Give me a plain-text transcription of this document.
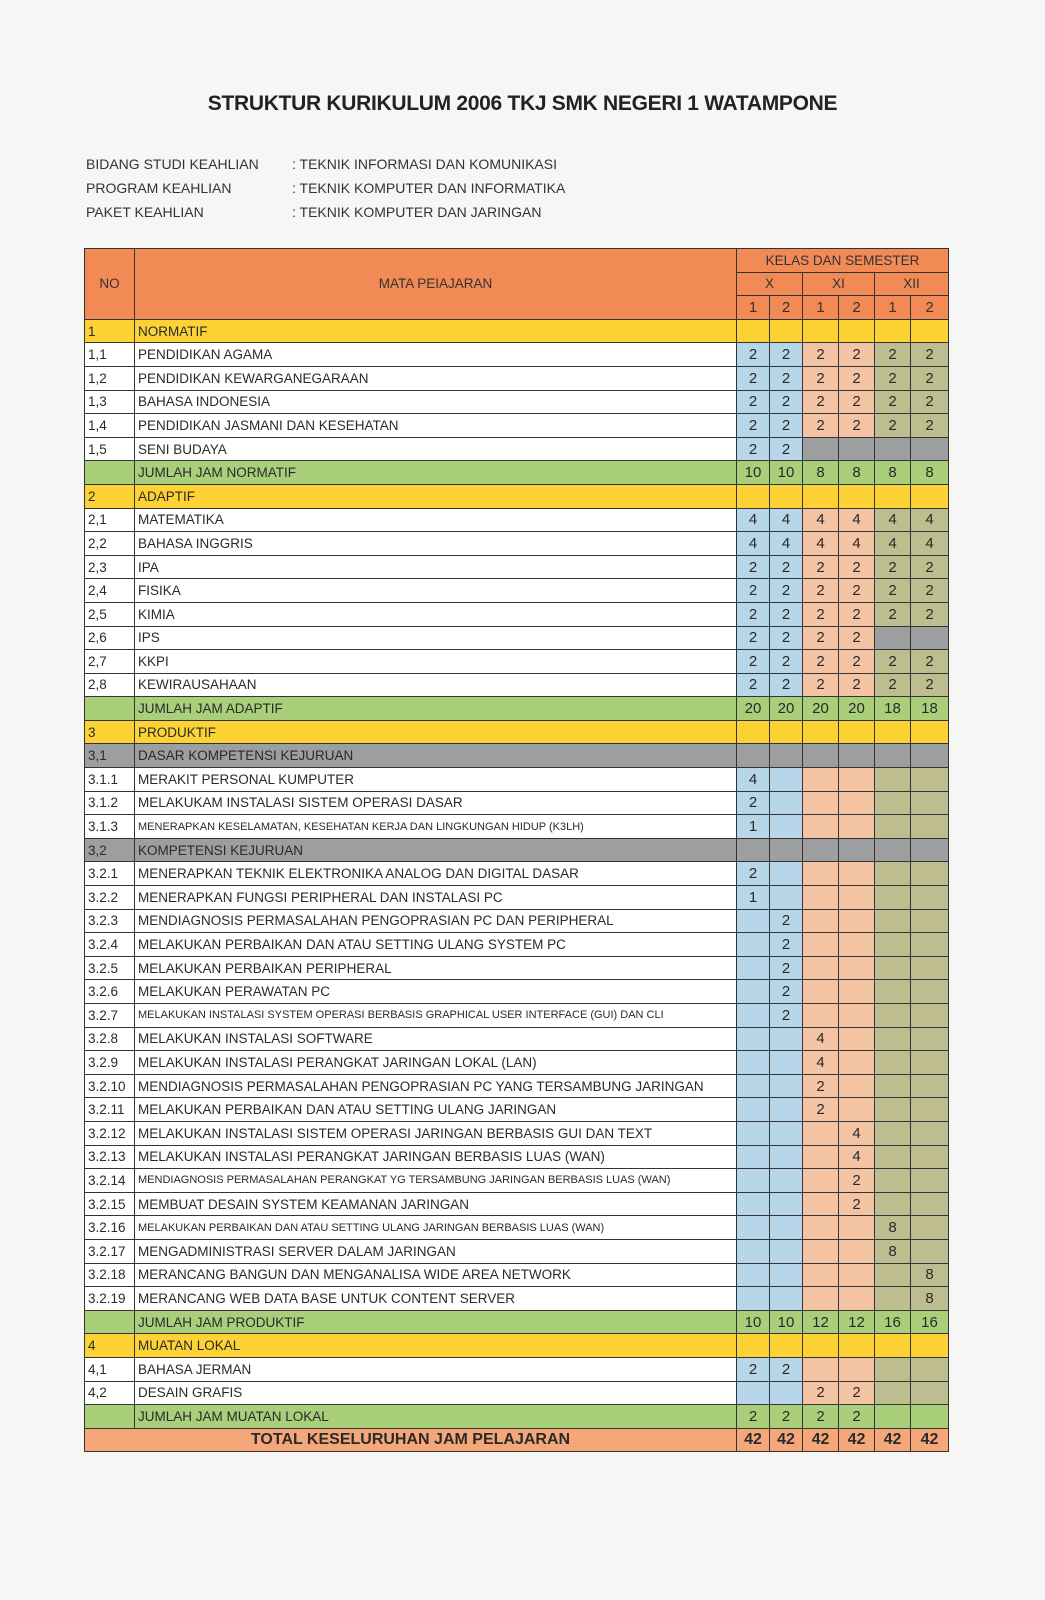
STRUKTUR KURIKULUM 2006 TKJ SMK NEGERI 1 WATAMPONE
BIDANG STUDI KEAHLIAN	: TEKNIK INFORMASI DAN KOMUNIKASI
PROGRAM KEAHLIAN	: TEKNIK KOMPUTER DAN INFORMATIKA
PAKET KEAHLIAN	: TEKNIK KOMPUTER DAN JARINGAN
NO	MATA PEIAJARAN	KELAS DAN SEMESTER					
		X		XI		XII	
		1	2	1	2	1	2
1	NORMATIF						
1,1	PENDIDIKAN AGAMA	2	2	2	2	2	2
1,2	PENDIDIKAN KEWARGANEGARAAN	2	2	2	2	2	2
1,3	BAHASA INDONESIA	2	2	2	2	2	2
1,4	PENDIDIKAN JASMANI DAN KESEHATAN	2	2	2	2	2	2
1,5	SENI BUDAYA	2	2				
	JUMLAH JAM NORMATIF	10	10	8	8	8	8
2	ADAPTIF						
2,1	MATEMATIKA	4	4	4	4	4	4
2,2	BAHASA INGGRIS	4	4	4	4	4	4
2,3	IPA	2	2	2	2	2	2
2,4	FISIKA	2	2	2	2	2	2
2,5	KIMIA	2	2	2	2	2	2
2,6	IPS	2	2	2	2		
2,7	KKPI	2	2	2	2	2	2
2,8	KEWIRAUSAHAAN	2	2	2	2	2	2
	JUMLAH JAM ADAPTIF	20	20	20	20	18	18
3	PRODUKTIF						
3,1	DASAR KOMPETENSI KEJURUAN						
3.1.1	MERAKIT PERSONAL KUMPUTER	4					
3.1.2	MELAKUKAM INSTALASI SISTEM OPERASI DASAR	2					
3.1.3	MENERAPKAN KESELAMATAN, KESEHATAN KERJA DAN LINGKUNGAN HIDUP (K3LH)	1					
3,2	KOMPETENSI KEJURUAN						
3.2.1	MENERAPKAN TEKNIK ELEKTRONIKA ANALOG DAN DIGITAL DASAR	2					
3.2.2	MENERAPKAN FUNGSI PERIPHERAL DAN INSTALASI PC	1					
3.2.3	MENDIAGNOSIS PERMASALAHAN PENGOPRASIAN PC DAN PERIPHERAL		2				
3.2.4	MELAKUKAN PERBAIKAN DAN ATAU SETTING ULANG SYSTEM PC		2				
3.2.5	MELAKUKAN PERBAIKAN PERIPHERAL		2				
3.2.6	MELAKUKAN PERAWATAN PC		2				
3.2.7	MELAKUKAN INSTALASI SYSTEM OPERASI BERBASIS GRAPHICAL USER INTERFACE (GUI) DAN CLI		2				
3.2.8	MELAKUKAN INSTALASI SOFTWARE			4			
3.2.9	MELAKUKAN INSTALASI PERANGKAT JARINGAN LOKAL (LAN)			4			
3.2.10	MENDIAGNOSIS PERMASALAHAN PENGOPRASIAN PC YANG TERSAMBUNG JARINGAN			2			
3.2.11	MELAKUKAN PERBAIKAN DAN ATAU SETTING ULANG JARINGAN			2			
3.2.12	MELAKUKAN INSTALASI SISTEM OPERASI JARINGAN BERBASIS GUI DAN TEXT				4		
3.2.13	MELAKUKAN INSTALASI PERANGKAT JARINGAN BERBASIS LUAS (WAN)				4		
3.2.14	MENDIAGNOSIS PERMASALAHAN PERANGKAT YG TERSAMBUNG JARINGAN BERBASIS LUAS (WAN)				2		
3.2.15	MEMBUAT DESAIN SYSTEM KEAMANAN JARINGAN				2		
3.2.16	MELAKUKAN PERBAIKAN DAN ATAU SETTING ULANG JARINGAN BERBASIS LUAS (WAN)					8	
3.2.17	MENGADMINISTRASI SERVER DALAM JARINGAN					8	
3.2.18	MERANCANG BANGUN DAN MENGANALISA WIDE AREA NETWORK						8
3.2.19	MERANCANG WEB DATA BASE UNTUK CONTENT SERVER						8
	JUMLAH JAM PRODUKTIF	10	10	12	12	16	16
4	MUATAN LOKAL						
4,1	BAHASA JERMAN	2	2				
4,2	DESAIN GRAFIS			2	2		
	JUMLAH JAM MUATAN LOKAL	2	2	2	2		
TOTAL KESELURUHAN JAM PELAJARAN		42	42	42	42	42	42
